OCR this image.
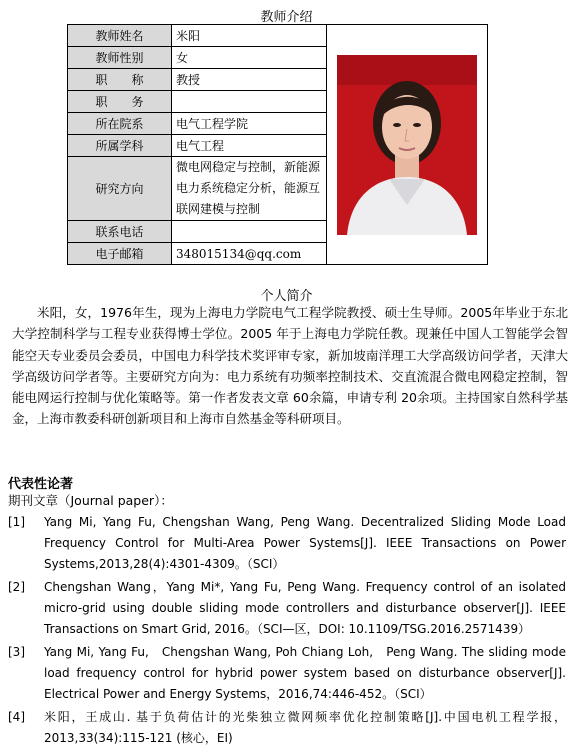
教师介绍
教师姓名	米阳	

教师性别	女	
职　　称	教授	
职　　务		
所在院系	电气工程学院	
所属学科	电气工程	
研究方向	微电网稳定与控制，新能源电力系统稳定分析，能源互联网建模与控制	
联系电话		
电子邮箱	348015134@qq.com	
个人简介
米阳，女，1976年生，现为上海电力学院电气工程学院教授、硕士生导师。2005年毕业于东北大学控制科学与工程专业获得博士学位。2005 年于上海电力学院任教。现兼任中国人工智能学会智能空天专业委员会委员，中国电力科学技术奖评审专家，新加坡南洋理工大学高级访问学者，天津大学高级访问学者等。主要研究方向为：电力系统有功频率控制技术、交直流混合微电网稳定控制，智能电网运行控制与优化策略等。第一作者发表文章 60余篇，申请专利 20余项。主持国家自然科学基金，上海市教委科研创新项目和上海市自然基金等科研项目。
代表性论著
期刊文章（Journal paper）：
[1]	Yang Mi, Yang Fu, Chengshan Wang, Peng Wang. Decentralized Sliding Mode Load Frequency Control for Multi-Area Power Systems[J]. IEEE Transactions on Power Systems,2013,28(4):4301-4309。（SCI）
[2]	Chengshan Wang，Yang Mi*, Yang Fu, Peng Wang. Frequency control of an isolated micro-grid using double sliding mode controllers and disturbance observer[J]. IEEE Transactions on Smart Grid, 2016。（SCI—区，DOI: 10.1109/TSG.2016.2571439）
[3]	Yang Mi, Yang Fu,　Chengshan Wang, Poh Chiang Loh,　Peng Wang. The sliding mode load frequency control for hybrid power system based on disturbance observer[J]. Electrical Power and Energy Systems，2016,74:446-452。（SCI）
[4]	米阳，王成山. 基于负荷估计的光柴独立微网频率优化控制策略[J].中国电机工程学报，2013,33(34):115-121 (核心，EI)
